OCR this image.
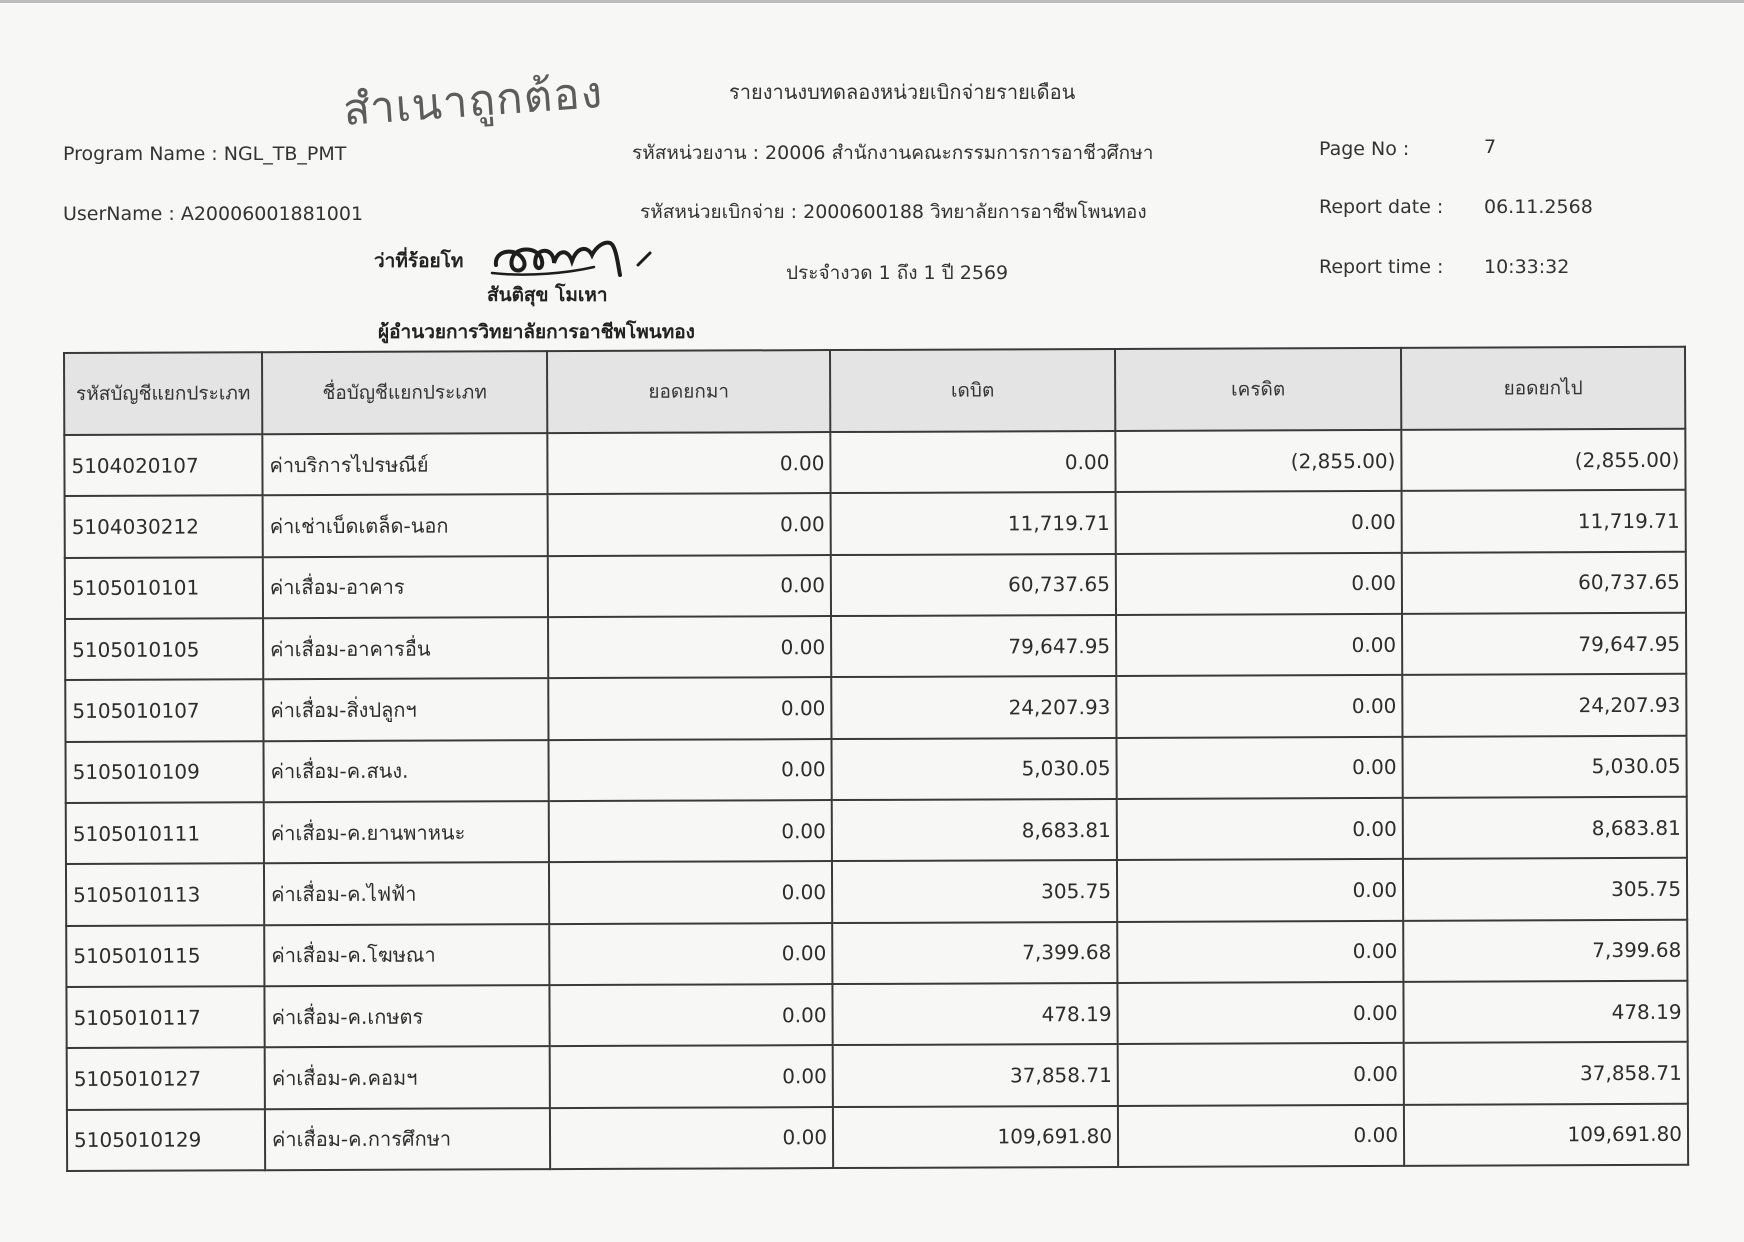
สำเนาถูกต้อง	รายงานงบทดลองหน่วยเบิกจ่ายรายเดือน
Program Name : NGL_TB_PMT
UserName : A20006001881001
รหัสหน่วยงาน : 20006 สำนักงานคณะกรรมการการอาชีวศึกษา
รหัสหน่วยเบิกจ่าย : 2000600188 วิทยาลัยการอาชีพโพนทอง
ประจำงวด 1 ถึง 1 ปี 2569
Page No :	7
Report date : 06.11.2568
Report time : 10:33:32
ว่าที่ร้อยโท
สันติสุข โมเหา
ผู้อำนวยการวิทยาลัยการอาชีพโพนทอง
รหัสบัญชีแยกประเภท	ชื่อบัญชีแยกประเภท	ยอดยกมา	เดบิต	เครดิต	ยอดยกไป
5104020107	ค่าบริการไปรษณีย์	0.00	0.00	(2,855.00)	(2,855.00)
5104030212	ค่าเช่าเบ็ดเตล็ด-นอก	0.00	11,719.71	0.00	11,719.71
5105010101	ค่าเสื่อม-อาคาร	0.00	60,737.65	0.00	60,737.65
5105010105	ค่าเสื่อม-อาคารอื่น	0.00	79,647.95	0.00	79,647.95
5105010107	ค่าเสื่อม-สิ่งปลูกฯ	0.00	24,207.93	0.00	24,207.93
5105010109	ค่าเสื่อม-ค.สนง.	0.00	5,030.05	0.00	5,030.05
5105010111	ค่าเสื่อม-ค.ยานพาหนะ	0.00	8,683.81	0.00	8,683.81
5105010113	ค่าเสื่อม-ค.ไฟฟ้า	0.00	305.75	0.00	305.75
5105010115	ค่าเสื่อม-ค.โฆษณา	0.00	7,399.68	0.00	7,399.68
5105010117	ค่าเสื่อม-ค.เกษตร	0.00	478.19	0.00	478.19
5105010127	ค่าเสื่อม-ค.คอมฯ	0.00	37,858.71	0.00	37,858.71
5105010129	ค่าเสื่อม-ค.การศึกษา	0.00	109,691.80	0.00	109,691.80
